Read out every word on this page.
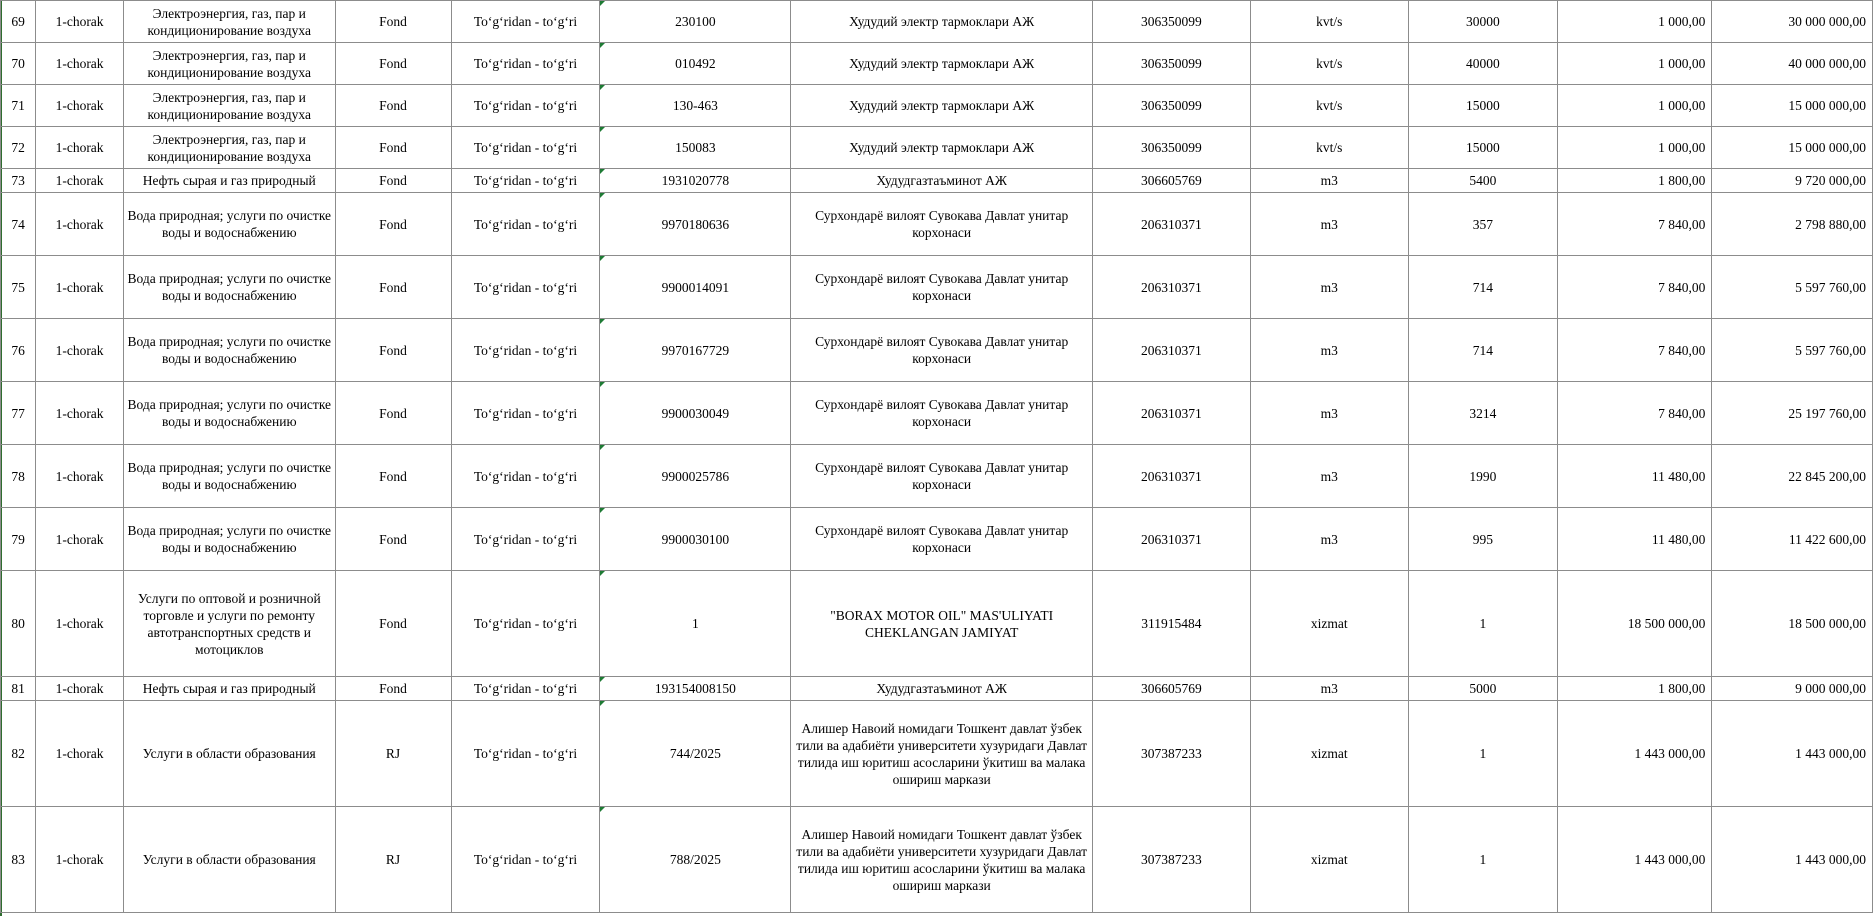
69	1-chorak	Электроэнергия, газ, пар и кондиционирование воздуха	Fond	To‘g‘ridan - to‘g‘ri	230100	Худудий электр тармоклари АЖ	306350099	kvt/s	30000	1 000,00	30 000 000,00
70	1-chorak	Электроэнергия, газ, пар и кондиционирование воздуха	Fond	To‘g‘ridan - to‘g‘ri	010492	Худудий электр тармоклари АЖ	306350099	kvt/s	40000	1 000,00	40 000 000,00
71	1-chorak	Электроэнергия, газ, пар и кондиционирование воздуха	Fond	To‘g‘ridan - to‘g‘ri	130-463	Худудий электр тармоклари АЖ	306350099	kvt/s	15000	1 000,00	15 000 000,00
72	1-chorak	Электроэнергия, газ, пар и кондиционирование воздуха	Fond	To‘g‘ridan - to‘g‘ri	150083	Худудий электр тармоклари АЖ	306350099	kvt/s	15000	1 000,00	15 000 000,00
73	1-chorak	Нефть сырая и газ природный	Fond	To‘g‘ridan - to‘g‘ri	1931020778	Худудгазтаъминот АЖ	306605769	m3	5400	1 800,00	9 720 000,00
74	1-chorak	Вода природная; услуги по очистке воды и водоснабжению	Fond	To‘g‘ridan - to‘g‘ri	9970180636	Сурхондарё вилоят Сувокава Давлат унитар корхонаси	206310371	m3	357	7 840,00	2 798 880,00
75	1-chorak	Вода природная; услуги по очистке воды и водоснабжению	Fond	To‘g‘ridan - to‘g‘ri	9900014091	Сурхондарё вилоят Сувокава Давлат унитар корхонаси	206310371	m3	714	7 840,00	5 597 760,00
76	1-chorak	Вода природная; услуги по очистке воды и водоснабжению	Fond	To‘g‘ridan - to‘g‘ri	9970167729	Сурхондарё вилоят Сувокава Давлат унитар корхонаси	206310371	m3	714	7 840,00	5 597 760,00
77	1-chorak	Вода природная; услуги по очистке воды и водоснабжению	Fond	To‘g‘ridan - to‘g‘ri	9900030049	Сурхондарё вилоят Сувокава Давлат унитар корхонаси	206310371	m3	3214	7 840,00	25 197 760,00
78	1-chorak	Вода природная; услуги по очистке воды и водоснабжению	Fond	To‘g‘ridan - to‘g‘ri	9900025786	Сурхондарё вилоят Сувокава Давлат унитар корхонаси	206310371	m3	1990	11 480,00	22 845 200,00
79	1-chorak	Вода природная; услуги по очистке воды и водоснабжению	Fond	To‘g‘ridan - to‘g‘ri	9900030100	Сурхондарё вилоят Сувокава Давлат унитар корхонаси	206310371	m3	995	11 480,00	11 422 600,00
80	1-chorak	Услуги по оптовой и розничной торговле и услуги по ремонту автотранспортных средств и мотоциклов	Fond	To‘g‘ridan - to‘g‘ri	1	"BORAX MOTOR OIL" MAS'ULIYATI CHEKLANGAN JAMIYAT	311915484	xizmat	1	18 500 000,00	18 500 000,00
81	1-chorak	Нефть сырая и газ природный	Fond	To‘g‘ridan - to‘g‘ri	193154008150	Худудгазтаъминот АЖ	306605769	m3	5000	1 800,00	9 000 000,00
82	1-chorak	Услуги в области образования	RJ	To‘g‘ridan - to‘g‘ri	744/2025	Алишер Навоий номидаги Тошкент давлат ўзбек тили ва адабиёти университети хузуридаги Давлат тилида иш юритиш асосларини ўкитиш ва малака ошириш маркази	307387233	xizmat	1	1 443 000,00	1 443 000,00
83	1-chorak	Услуги в области образования	RJ	To‘g‘ridan - to‘g‘ri	788/2025	Алишер Навоий номидаги Тошкент давлат ўзбек тили ва адабиёти университети хузуридаги Давлат тилида иш юритиш асосларини ўкитиш ва малака ошириш маркази	307387233	xizmat	1	1 443 000,00	1 443 000,00
